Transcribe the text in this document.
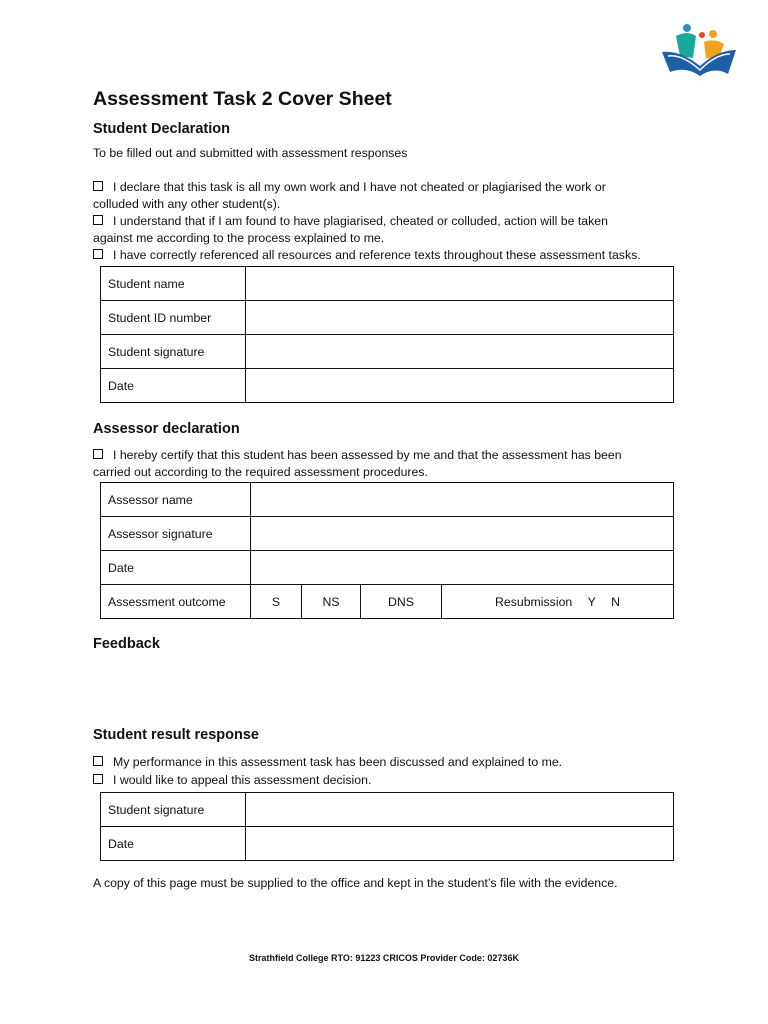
Assessment Task 2 Cover Sheet
Student Declaration
To be filled out and submitted with assessment responses
I declare that this task is all my own work and I have not cheated or plagiarised the work or
colluded with any other student(s).
I understand that if I am found to have plagiarised, cheated or colluded, action will be taken
against me according to the process explained to me.
I have correctly referenced all resources and reference texts throughout these assessment tasks.
Student name	
Student ID number	
Student signature	
Date	
Assessor declaration
I hereby certify that this student has been assessed by me and that the assessment has been
carried out according to the required assessment procedures.
Assessor name				
Assessor signature				
Date				
Assessment outcome	S	NS	DNS	Resubmission Y N
Feedback
Student result response
My performance in this assessment task has been discussed and explained to me.
I would like to appeal this assessment decision.
Student signature	
Date	
A copy of this page must be supplied to the office and kept in the student’s file with the evidence.
Strathfield College RTO: 91223 CRICOS Provider Code: 02736K
